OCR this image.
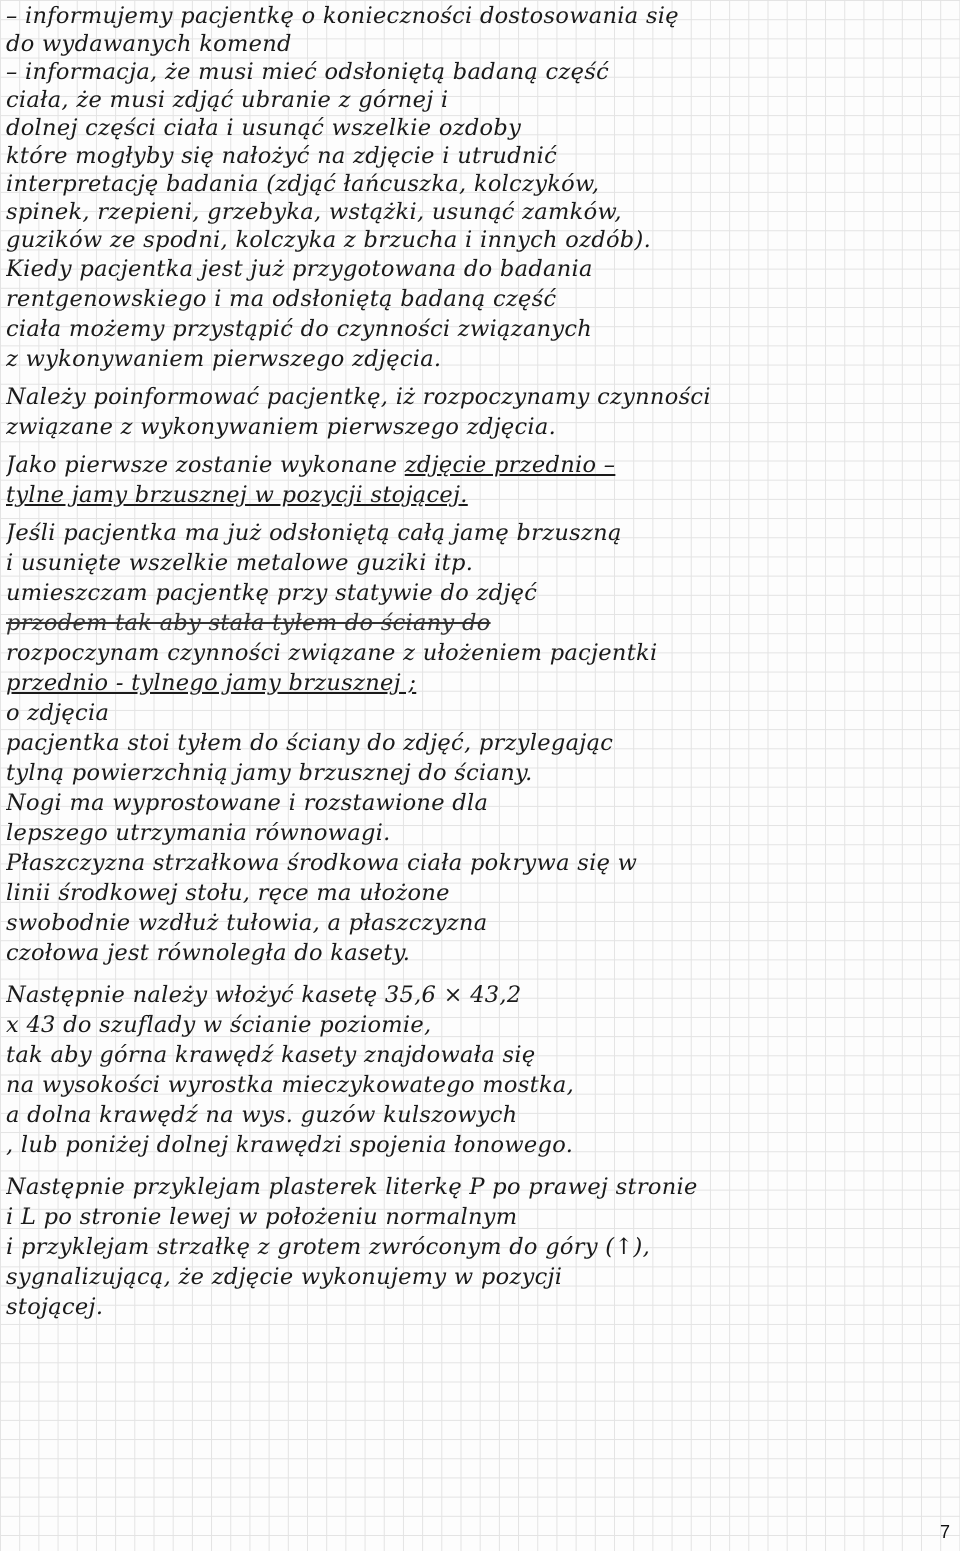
– informujemy pacjentkę o konieczności dostosowania się
do wydawanych komend
– informacja, że musi mieć odsłoniętą badaną część
ciała, że musi zdjąć ubranie z górnej i
dolnej części ciała i usunąć wszelkie ozdoby
które mogłyby się nałożyć na zdjęcie i utrudnić
interpretację badania (zdjąć łańcuszka, kolczyków,
spinek, rzepieni, grzebyka, wstążki, usunąć zamków,
guzików ze spodni, kolczyka z brzucha i innych ozdób).
Kiedy pacjentka jest już przygotowana do badania
rentgenowskiego i ma odsłoniętą badaną część
ciała możemy przystąpić do czynności związanych
z wykonywaniem pierwszego zdjęcia.
Należy poinformować pacjentkę, iż rozpoczynamy czynności
związane z wykonywaniem pierwszego zdjęcia.
Jako pierwsze zostanie wykonane zdjęcie przednio –
tylne jamy brzusznej w pozycji stojącej.
Jeśli pacjentka ma już odsłoniętą całą jamę brzuszną
i usunięte wszelkie metalowe guziki itp.
umieszczam pacjentkę przy statywie do zdjęć
przodem tak aby stała tyłem do ściany do
rozpoczynam czynności związane z ułożeniem pacjentki
przednio - tylnego jamy brzusznej ;
o zdjęcia
pacjentka stoi tyłem do ściany do zdjęć, przylegając
tylną powierzchnią jamy brzusznej do ściany.
Nogi ma wyprostowane i rozstawione dla
lepszego utrzymania równowagi.
Płaszczyzna strzałkowa środkowa ciała pokrywa się w
linii środkowej stołu, ręce ma ułożone
swobodnie wzdłuż tułowia, a płaszczyzna
czołowa jest równoległa do kasety.
Następnie należy włożyć kasetę 35,6 × 43,2
x 43 do szuflady w ścianie poziomie,
tak aby górna krawędź kasety znajdowała się
na wysokości wyrostka mieczykowatego mostka,
a dolna krawędź na wys. guzów kulszowych
, lub poniżej dolnej krawędzi spojenia łonowego.
Następnie przyklejam plasterek literkę P po prawej stronie
i L po stronie lewej w położeniu normalnym
i przyklejam strzałkę z grotem zwróconym do góry (↑),
sygnalizującą, że zdjęcie wykonujemy w pozycji
stojącej.
7
